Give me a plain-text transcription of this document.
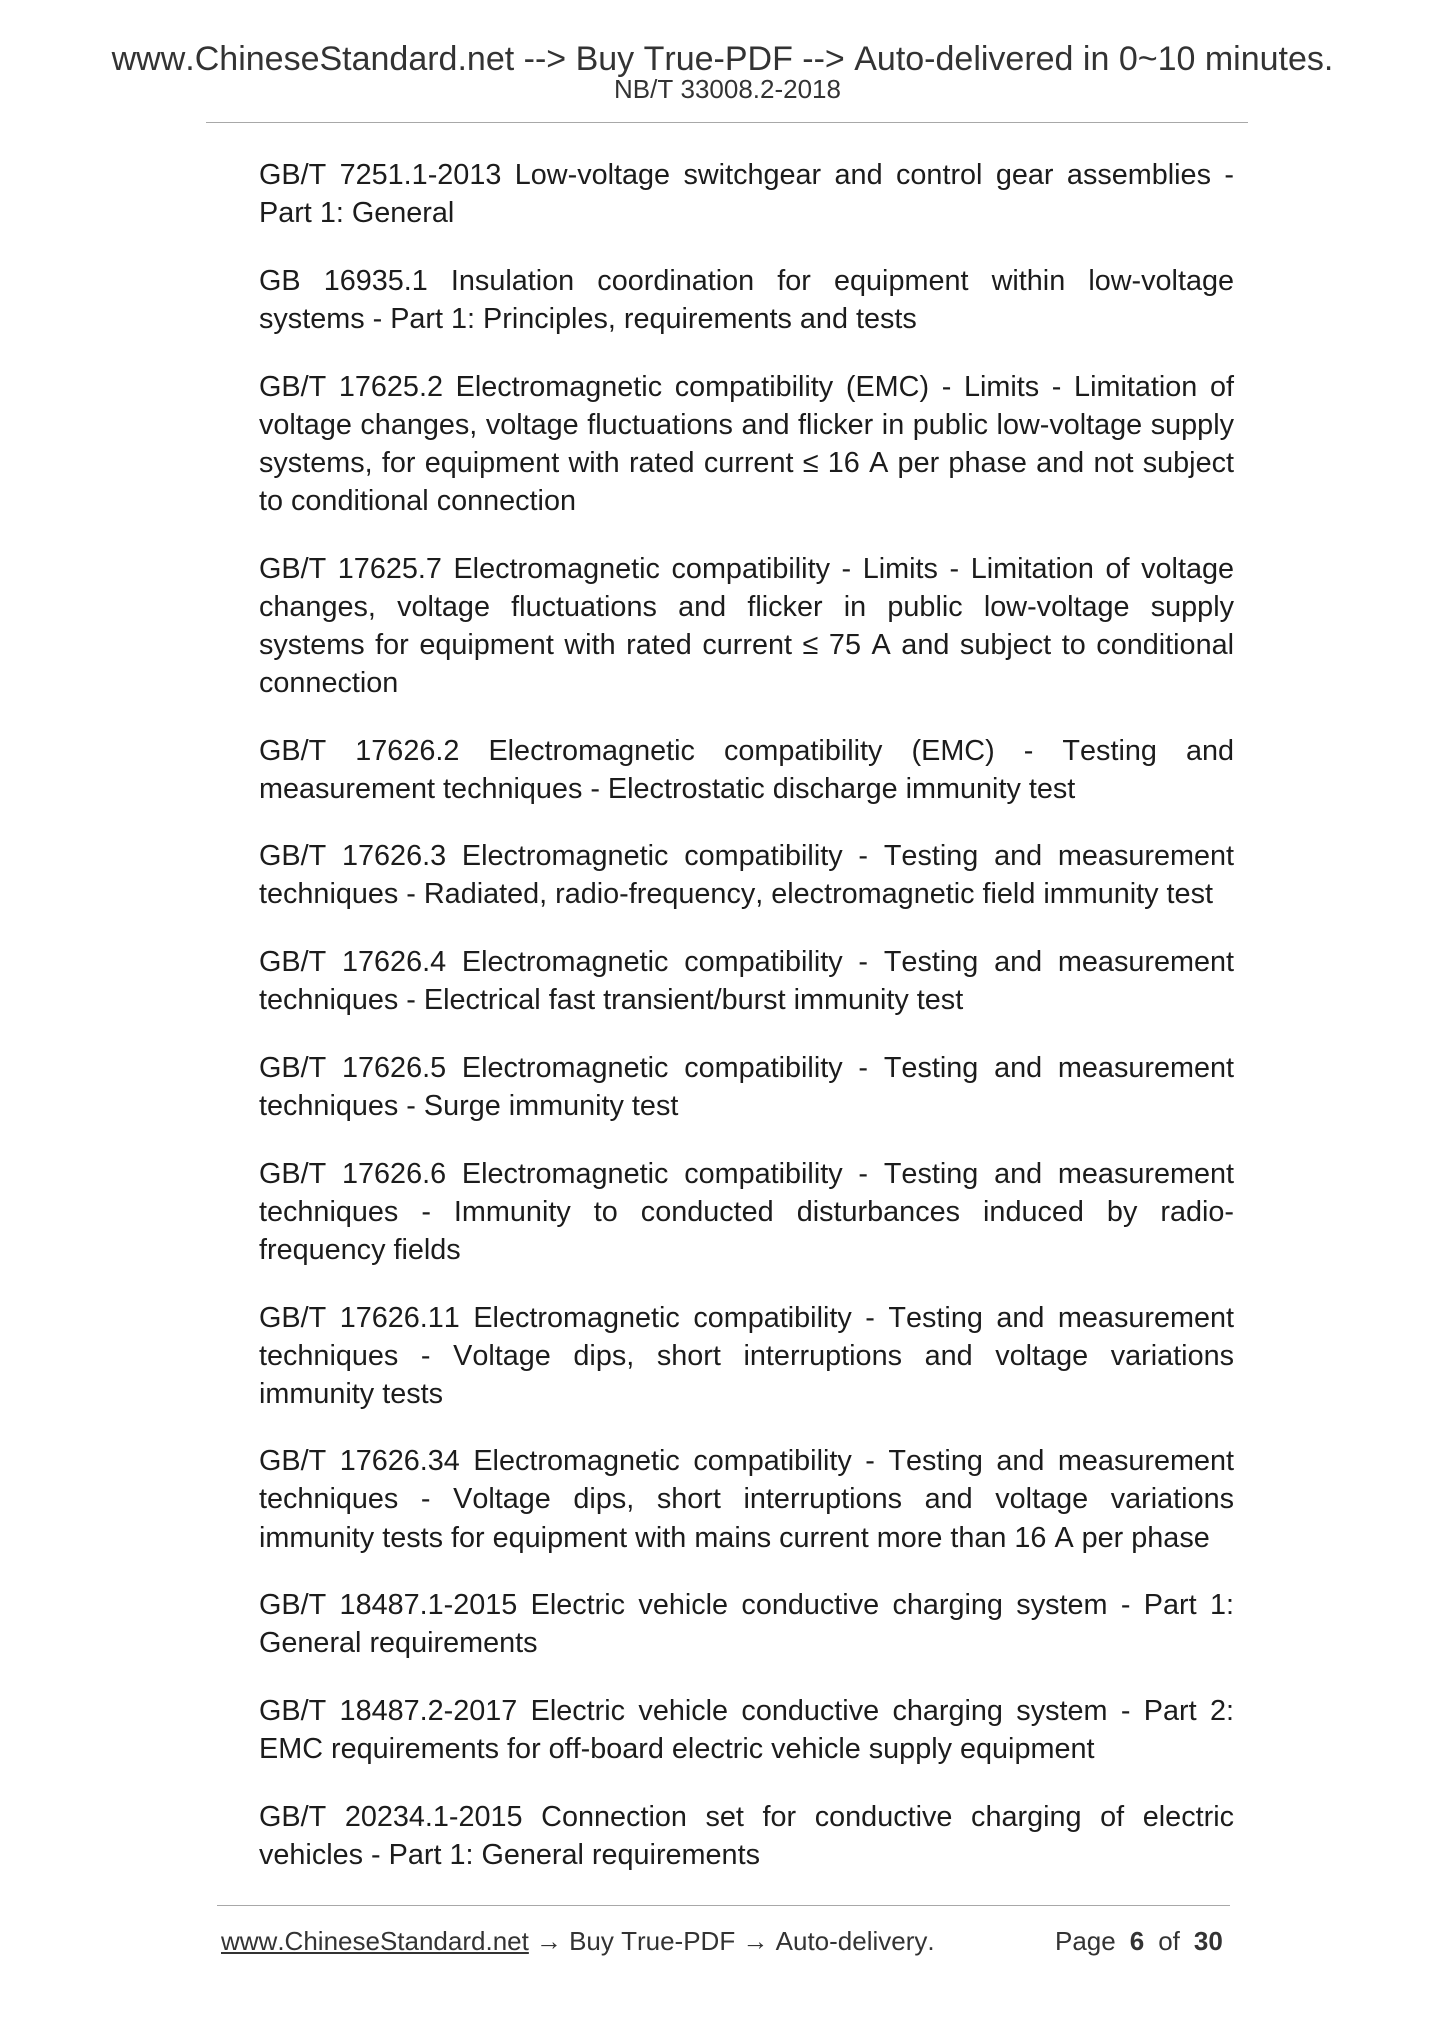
www.ChineseStandard.net --> Buy True-PDF --> Auto-delivered in 0~10 minutes.

NB/T 33008.2-2018

GB/T 7251.1-2013 Low-voltage switchgear and control gear assemblies - Part 1: General

GB 16935.1 Insulation coordination for equipment within low-voltage systems - Part 1: Principles, requirements and tests

GB/T 17625.2 Electromagnetic compatibility (EMC) - Limits - Limitation of voltage changes, voltage fluctuations and flicker in public low-voltage supply systems, for equipment with rated current ≤ 16 A per phase and not subject to conditional connection

GB/T 17625.7 Electromagnetic compatibility - Limits - Limitation of voltage changes, voltage fluctuations and flicker in public low-voltage supply systems for equipment with rated current ≤ 75 A and subject to conditional connection

GB/T 17626.2 Electromagnetic compatibility (EMC) - Testing and measurement techniques - Electrostatic discharge immunity test

GB/T 17626.3 Electromagnetic compatibility - Testing and measurement techniques - Radiated, radio-frequency, electromagnetic field immunity test

GB/T 17626.4 Electromagnetic compatibility - Testing and measurement techniques - Electrical fast transient/burst immunity test

GB/T 17626.5 Electromagnetic compatibility - Testing and measurement techniques - Surge immunity test

GB/T 17626.6 Electromagnetic compatibility - Testing and measurement techniques - Immunity to conducted disturbances induced by radio-frequency fields

GB/T 17626.11 Electromagnetic compatibility - Testing and measurement techniques - Voltage dips, short interruptions and voltage variations immunity tests

GB/T 17626.34 Electromagnetic compatibility - Testing and measurement techniques - Voltage dips, short interruptions and voltage variations immunity tests for equipment with mains current more than 16 A per phase

GB/T 18487.1-2015 Electric vehicle conductive charging system - Part 1: General requirements

GB/T 18487.2-2017 Electric vehicle conductive charging system - Part 2: EMC requirements for off-board electric vehicle supply equipment

GB/T 20234.1-2015 Connection set for conductive charging of electric vehicles - Part 1: General requirements

www.ChineseStandard.net → Buy True-PDF → Auto-delivery.	Page 6 of 30
